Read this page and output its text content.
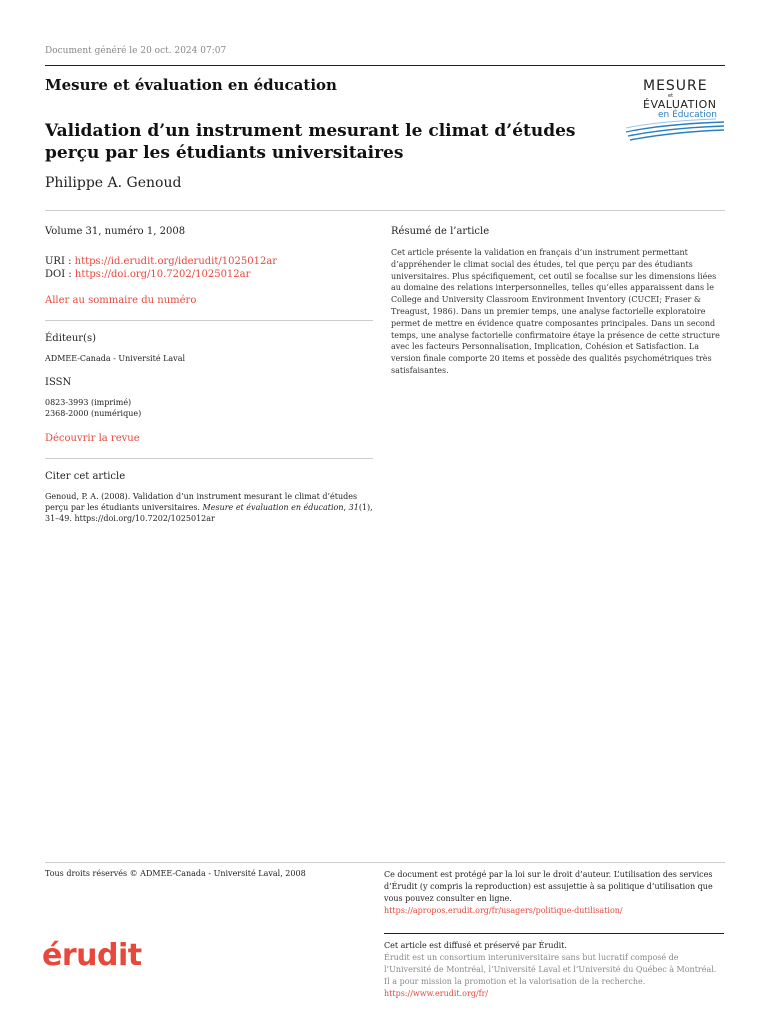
Document généré le 20 oct. 2024 07:07
Mesure et évaluation en éducation	MESURE
et
ÉVALUATION
en Éducation
Validation d’un instrument mesurant le climat d’études perçu par les étudiants universitaires
Philippe A. Genoud
Volume 31, numéro 1, 2008
URI : https://id.erudit.org/iderudit/1025012ar
DOI : https://doi.org/10.7202/1025012ar
Aller au sommaire du numéro
Éditeur(s)
ADMEE-Canada - Université Laval
ISSN
0823-3993 (imprimé)
2368-2000 (numérique)
Découvrir la revue
Citer cet article
Genoud, P. A. (2008). Validation d’un instrument mesurant le climat d’études perçu par les étudiants universitaires. Mesure et évaluation en éducation, 31(1), 31–49. https://doi.org/10.7202/1025012ar
Résumé de l’article
Cet article présente la validation en français d’un instrument permettant d’appréhender le climat social des études, tel que perçu par des étudiants universitaires. Plus spécifiquement, cet outil se focalise sur les dimensions liées au domaine des relations interpersonnelles, telles qu’elles apparaissent dans le College and University Classroom Environment Inventory (CUCEI; Fraser & Treagust, 1986). Dans un premier temps, une analyse factorielle exploratoire permet de mettre en évidence quatre composantes principales. Dans un second temps, une analyse factorielle confirmatoire étaye la présence de cette structure avec les facteurs Personnalisation, Implication, Cohésion et Satisfaction. La version finale comporte 20 items et possède des qualités psychométriques très satisfaisantes.
Tous droits réservés © ADMEE-Canada - Université Laval, 2008	Ce document est protégé par la loi sur le droit d’auteur. L’utilisation des services d’Érudit (y compris la reproduction) est assujettie à sa politique d’utilisation que vous pouvez consulter en ligne.
https://apropos.erudit.org/fr/usagers/politique-dutilisation/
érudit	Cet article est diffusé et préservé par Érudit.
Érudit est un consortium interuniversitaire sans but lucratif composé de l’Université de Montréal, l’Université Laval et l’Université du Québec à Montréal. Il a pour mission la promotion et la valorisation de la recherche.
https://www.erudit.org/fr/
